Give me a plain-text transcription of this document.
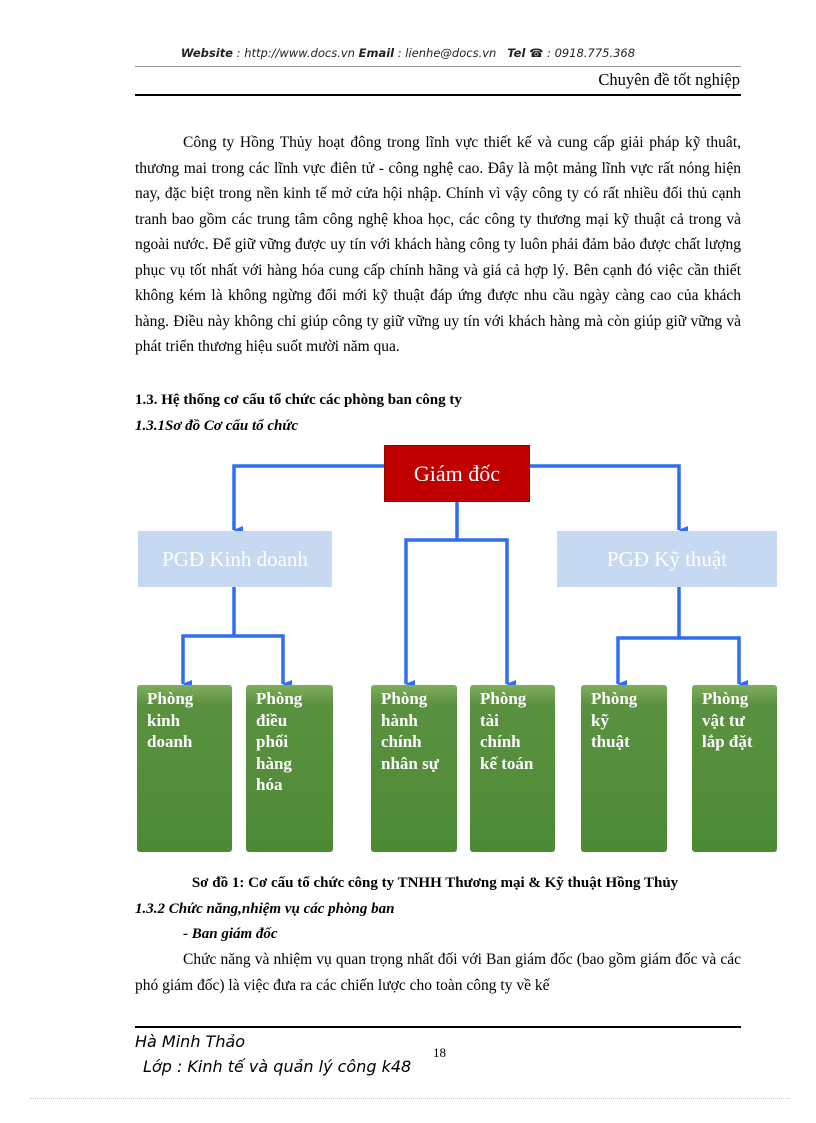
Website : http://www.docs.vn Email : lienhe@docs.vn Tel ☎ : 0918.775.368
Chuyên đề tốt nghiệp

Công ty Hồng Thủy hoạt đông trong lĩnh vực thiết kế và cung cấp giải pháp kỹ thuât, thương mai trong các lĩnh vực điên tử - công nghệ cao. Đây là một mảng lĩnh vực rất nóng hiện nay, đặc biệt trong nền kinh tế mở cửa hội nhập. Chính vì vậy công ty có rất nhiều đối thủ cạnh tranh bao gồm các trung tâm công nghệ khoa học, các công ty thương mại kỹ thuật cả trong và ngoài nước. Để giữ vững được uy tín với khách hàng công ty luôn phải đảm bảo được chất lượng phục vụ tốt nhất với hàng hóa cung cấp chính hãng và giá cả hợp lý. Bên cạnh đó việc cần thiết không kém là không ngừng đổi mới kỹ thuật đáp ứng được nhu cầu ngày càng cao của khách hàng. Điều này không chỉ giúp công ty giữ vững uy tín với khách hàng mà còn giúp giữ vững và phát triển thương hiệu suốt mười năm qua.

1.3. Hệ thống cơ cấu tổ chức các phòng ban công ty
1.3.1Sơ đồ Cơ cấu tổ chức
Giám đốc
PGĐ Kinh doanh	PGĐ Kỹ thuật
Phòng
kinh
doanh
Phòng
điều
phối
hàng
hóa
Phòng
hành
chính
nhân sự
Phòng
tài
chính
kế toán
Phòng
kỹ
thuật
Phòng
vật tư
lắp đặt
Sơ đồ 1: Cơ cấu tổ chức công ty TNHH Thương mại & Kỹ thuật Hồng Thủy
1.3.2 Chức năng,nhiệm vụ các phòng ban
- Ban giám đốc

Chức năng và nhiệm vụ quan trọng nhất đối với Ban giám đốc (bao gồm giám đốc và các phó giám đốc) là việc đưa ra các chiến lược cho toàn công ty về kế

Hà Minh Thảo
Lớp : Kinh tế và quản lý công k48
18
